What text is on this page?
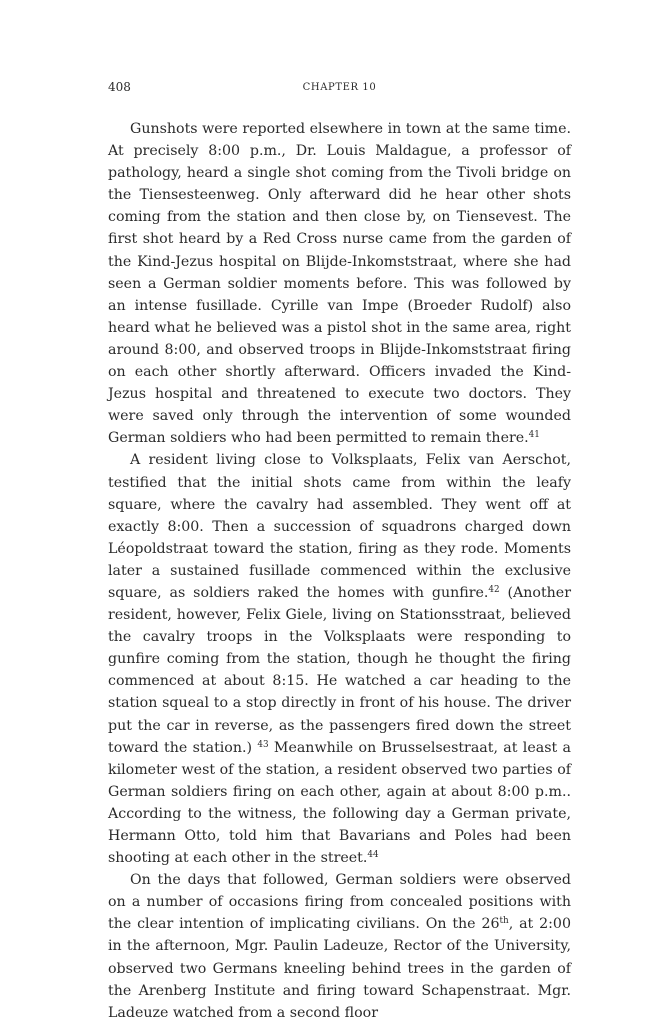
408	CHAPTER 10

Gunshots were reported elsewhere in town at the same time. At precisely 8:00 p.m., Dr. Louis Maldague, a professor of pathology, heard a single shot coming from the Tivoli bridge on the Tiensesteenweg. Only afterward did he hear other shots coming from the station and then close by, on Tiensevest. The first shot heard by a Red Cross nurse came from the garden of the Kind-Jezus hospital on Blijde-Inkomststraat, where she had seen a German soldier moments before. This was followed by an intense fusillade. Cyrille van Impe (Broeder Rudolf) also heard what he believed was a pistol shot in the same area, right around 8:00, and observed troops in Blijde-Inkomststraat firing on each other shortly afterward. Officers invaded the Kind-Jezus hospital and threatened to execute two doctors. They were saved only through the intervention of some wounded German soldiers who had been permitted to remain there.$^{41}$

A resident living close to Volksplaats, Felix van Aerschot, testified that the initial shots came from within the leafy square, where the cavalry had assembled. They went off at exactly 8:00. Then a succession of squadrons charged down Léopoldstraat toward the station, firing as they rode. Moments later a sustained fusillade commenced within the exclusive square, as soldiers raked the homes with gunfire.$^{42}$ (Another resident, however, Felix Giele, living on Stationsstraat, believed the cavalry troops in the Volksplaats were responding to gunfire coming from the station, though he thought the firing commenced at about 8:15. He watched a car heading to the station squeal to a stop directly in front of his house. The driver put the car in reverse, as the passengers fired down the street toward the station.) $^{43}$ Meanwhile on Brusselsestraat, at least a kilometer west of the station, a resident observed two parties of German soldiers firing on each other, again at about 8:00 p.m.. According to the witness, the following day a German private, Hermann Otto, told him that Bavarians and Poles had been shooting at each other in the street.$^{44}$

On the days that followed, German soldiers were observed on a number of occasions firing from concealed positions with the clear intention of implicating civilians. On the 26th, at 2:00 in the afternoon, Mgr. Paulin Ladeuze, Rector of the University, observed two Germans kneeling behind trees in the garden of the Arenberg Institute and firing toward Schapenstraat. Mgr. Ladeuze watched from a second floor
